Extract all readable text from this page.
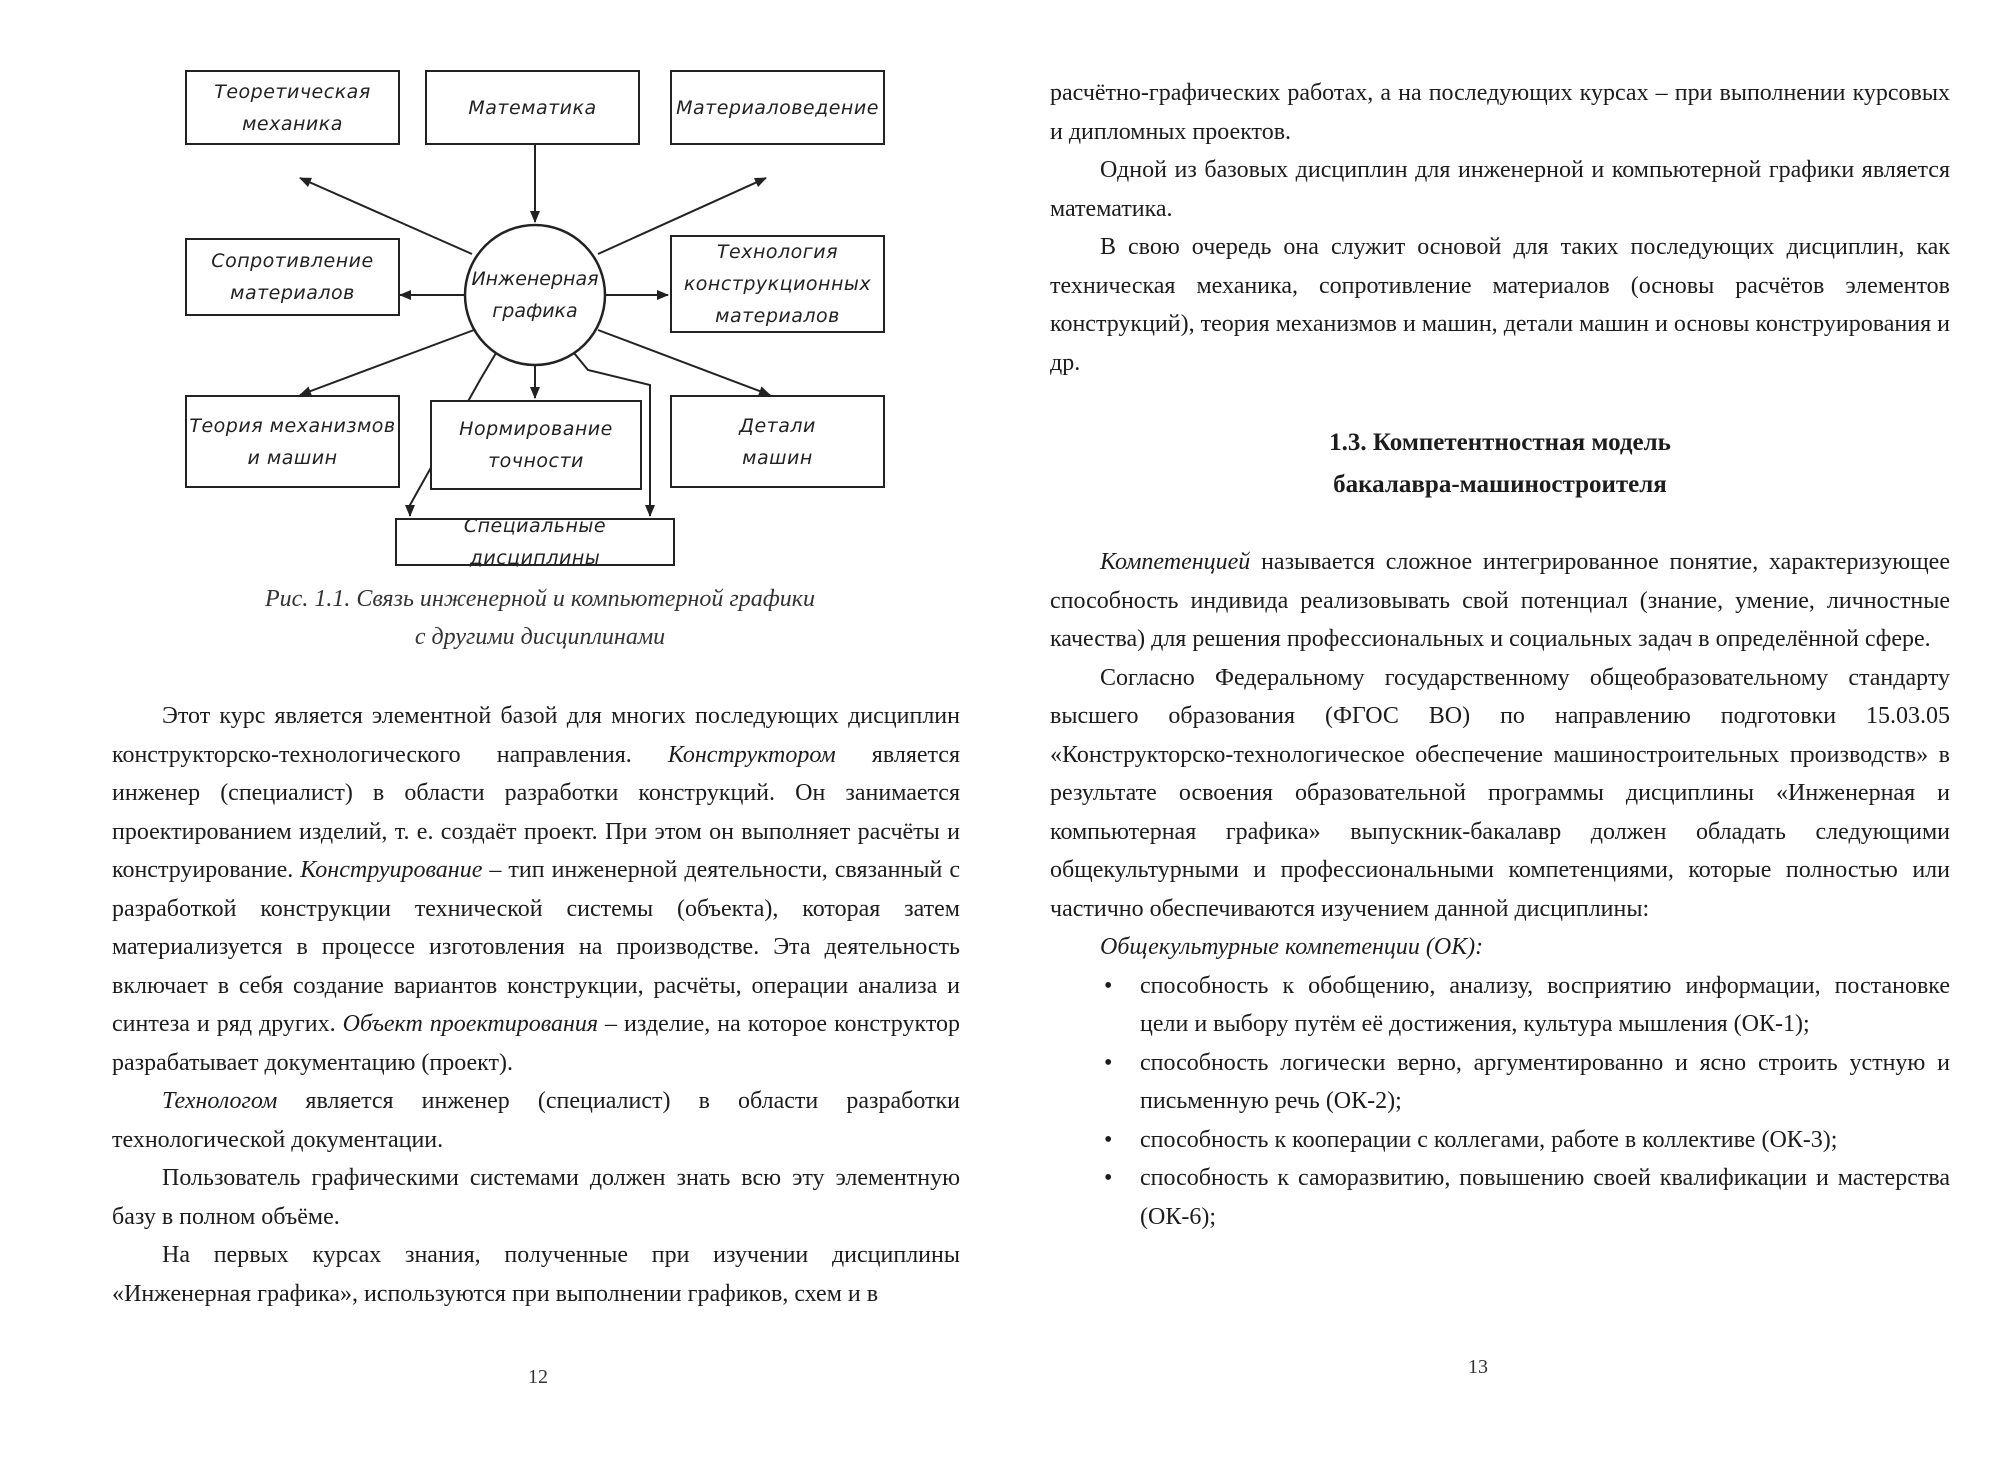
Инженерная
графика
Теоретическая
механика
Математика	Материаловедение
Сопротивление
материалов
Технология
конструкционных
материалов
Теория механизмов
и машин
Нормирование
точности
Детали
машин
Специальные дисциплины
Рис. 1.1. Связь инженерной и компьютерной графики
с другими дисциплинами

Этот курс является элементной базой для многих последующих дисциплин конструкторско-технологического направления. Конструктором является инженер (специалист) в области разработки конструкций. Он занимается проектированием изделий, т. е. создаёт проект. При этом он выполняет расчёты и конструирование. Конструирование – тип инженерной деятельности, связанный с разработкой конструкции технической системы (объекта), которая затем материализуется в процессе изготовления на производстве. Эта деятельность включает в себя создание вариантов конструкции, расчёты, операции анализа и синтеза и ряд других. Объект проектирования – изделие, на которое конструктор разрабатывает документацию (проект).

Технологом является инженер (специалист) в области разработки технологической документации.

Пользователь графическими системами должен знать всю эту элементную базу в полном объёме.

На первых курсах знания, полученные при изучении дисциплины «Инженерная графика», используются при выполнении графиков, схем и в

12

расчётно-графических работах, а на последующих курсах – при выполнении курсовых и дипломных проектов.

Одной из базовых дисциплин для инженерной и компьютерной графики является математика.

В свою очередь она служит основой для таких последующих дисциплин, как техническая механика, сопротивление материалов (основы расчётов элементов конструкций), теория механизмов и машин, детали машин и основы конструирования и др.

1.3. Компетентностная модель
бакалавра-машиностроителя

Компетенцией называется сложное интегрированное понятие, характеризующее способность индивида реализовывать свой потенциал (знание, умение, личностные качества) для решения профессиональных и социальных задач в определённой сфере.

Согласно Федеральному государственному общеобразовательному стандарту высшего образования (ФГОС ВО) по направлению подготовки 15.03.05 «Конструкторско-технологическое обеспечение машиностроительных производств» в результате освоения образовательной программы дисциплины «Инженерная и компьютерная графика» выпускник-бакалавр должен обладать следующими общекультурными и профессиональными компетенциями, которые полностью или частично обеспечиваются изучением данной дисциплины:

Общекультурные компетенции (ОК):

• способность к обобщению, анализу, восприятию информации, постановке цели и выбору путём её достижения, культура мышления (ОК-1);

• способность логически верно, аргументированно и ясно строить устную и письменную речь (ОК-2);

• способность к кооперации с коллегами, работе в коллективе (ОК-3);

• способность к саморазвитию, повышению своей квалификации и мастерства (ОК-6);

13
